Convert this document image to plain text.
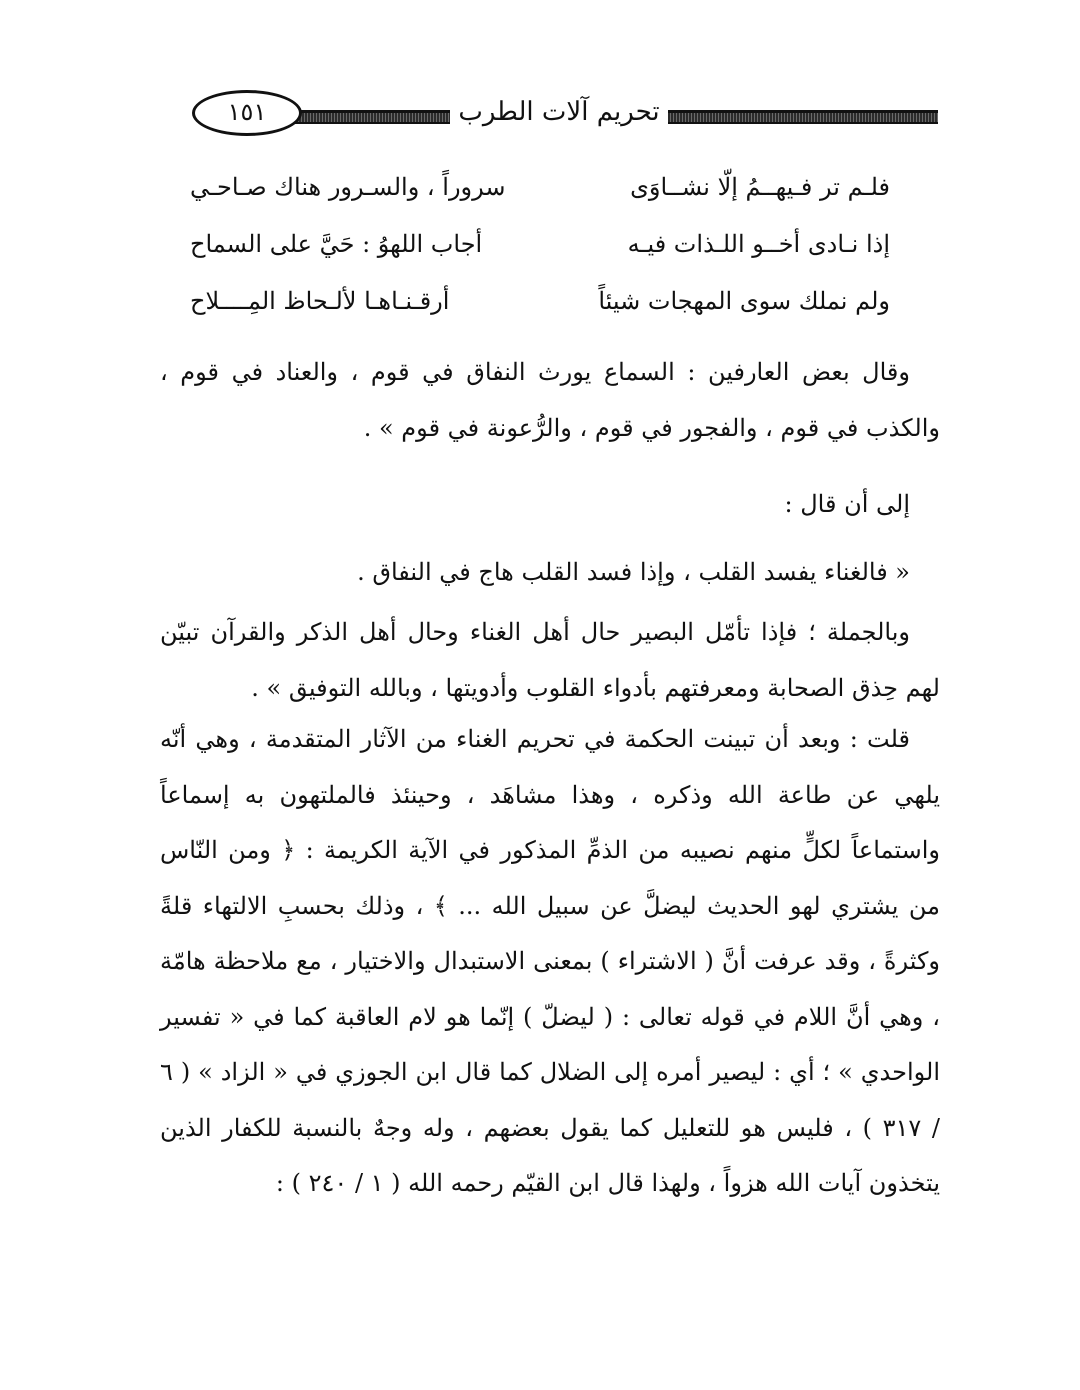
١٥١	تحريم آلات الطرب
فلـم تر فـيهــمُ إلّا نشــاوَى
سروراً ، والسـرور هناك صـاحـي
إذا نـادى أخــو اللـذات فيـه
أجاب اللهوُ : حَيَّ على السماح
ولم نملك سوى المهجات شيئاً
أرقـنـاهـا لألـحاظ المِــــلاح

وقال بعض العارفين : السماع يورث النفاق في قوم ، والعناد في قوم ، والكذب في قوم ، والفجور في قوم ، والرُّعونة في قوم » .

إلى أن قال :

« فالغناء يفسد القلب ، وإذا فسد القلب هاج في النفاق .

وبالجملة ؛ فإذا تأمّل البصير حال أهل الغناء وحال أهل الذكر والقرآن تبيّن لهم حِذق الصحابة ومعرفتهم بأدواء القلوب وأدويتها ، وبالله التوفيق » .

قلت : وبعد أن تبينت الحكمة في تحريم الغناء من الآثار المتقدمة ، وهي أنّه يلهي عن طاعة الله وذكره ، وهذا مشاهَد ، وحينئذ فالملتهون به إسماعاً واستماعاً لكلٍّ منهم نصيبه من الذمِّ المذكور في الآية الكريمة : ﴿ ومن النّاس من يشتري لهو الحديث ليضلَّ عن سبيل الله ... ﴾ ، وذلك بحسبِ الالتهاء قلةً وكثرةً ، وقد عرفت أنَّ ( الاشتراء ) بمعنى الاستبدال والاختيار ، مع ملاحظة هامّة ، وهي أنَّ اللام في قوله تعالى : ( ليضلّ ) إنّما هو لام العاقبة كما في « تفسير الواحدي » ؛ أي : ليصير أمره إلى الضلال كما قال ابن الجوزي في « الزاد » ( ٦ / ٣١٧ ) ، فليس هو للتعليل كما يقول بعضهم ، وله وجهٌ بالنسبة للكفار الذين يتخذون آيات الله هزواً ، ولهذا قال ابن القيّم رحمه الله ( ١ / ٢٤٠ ) :
